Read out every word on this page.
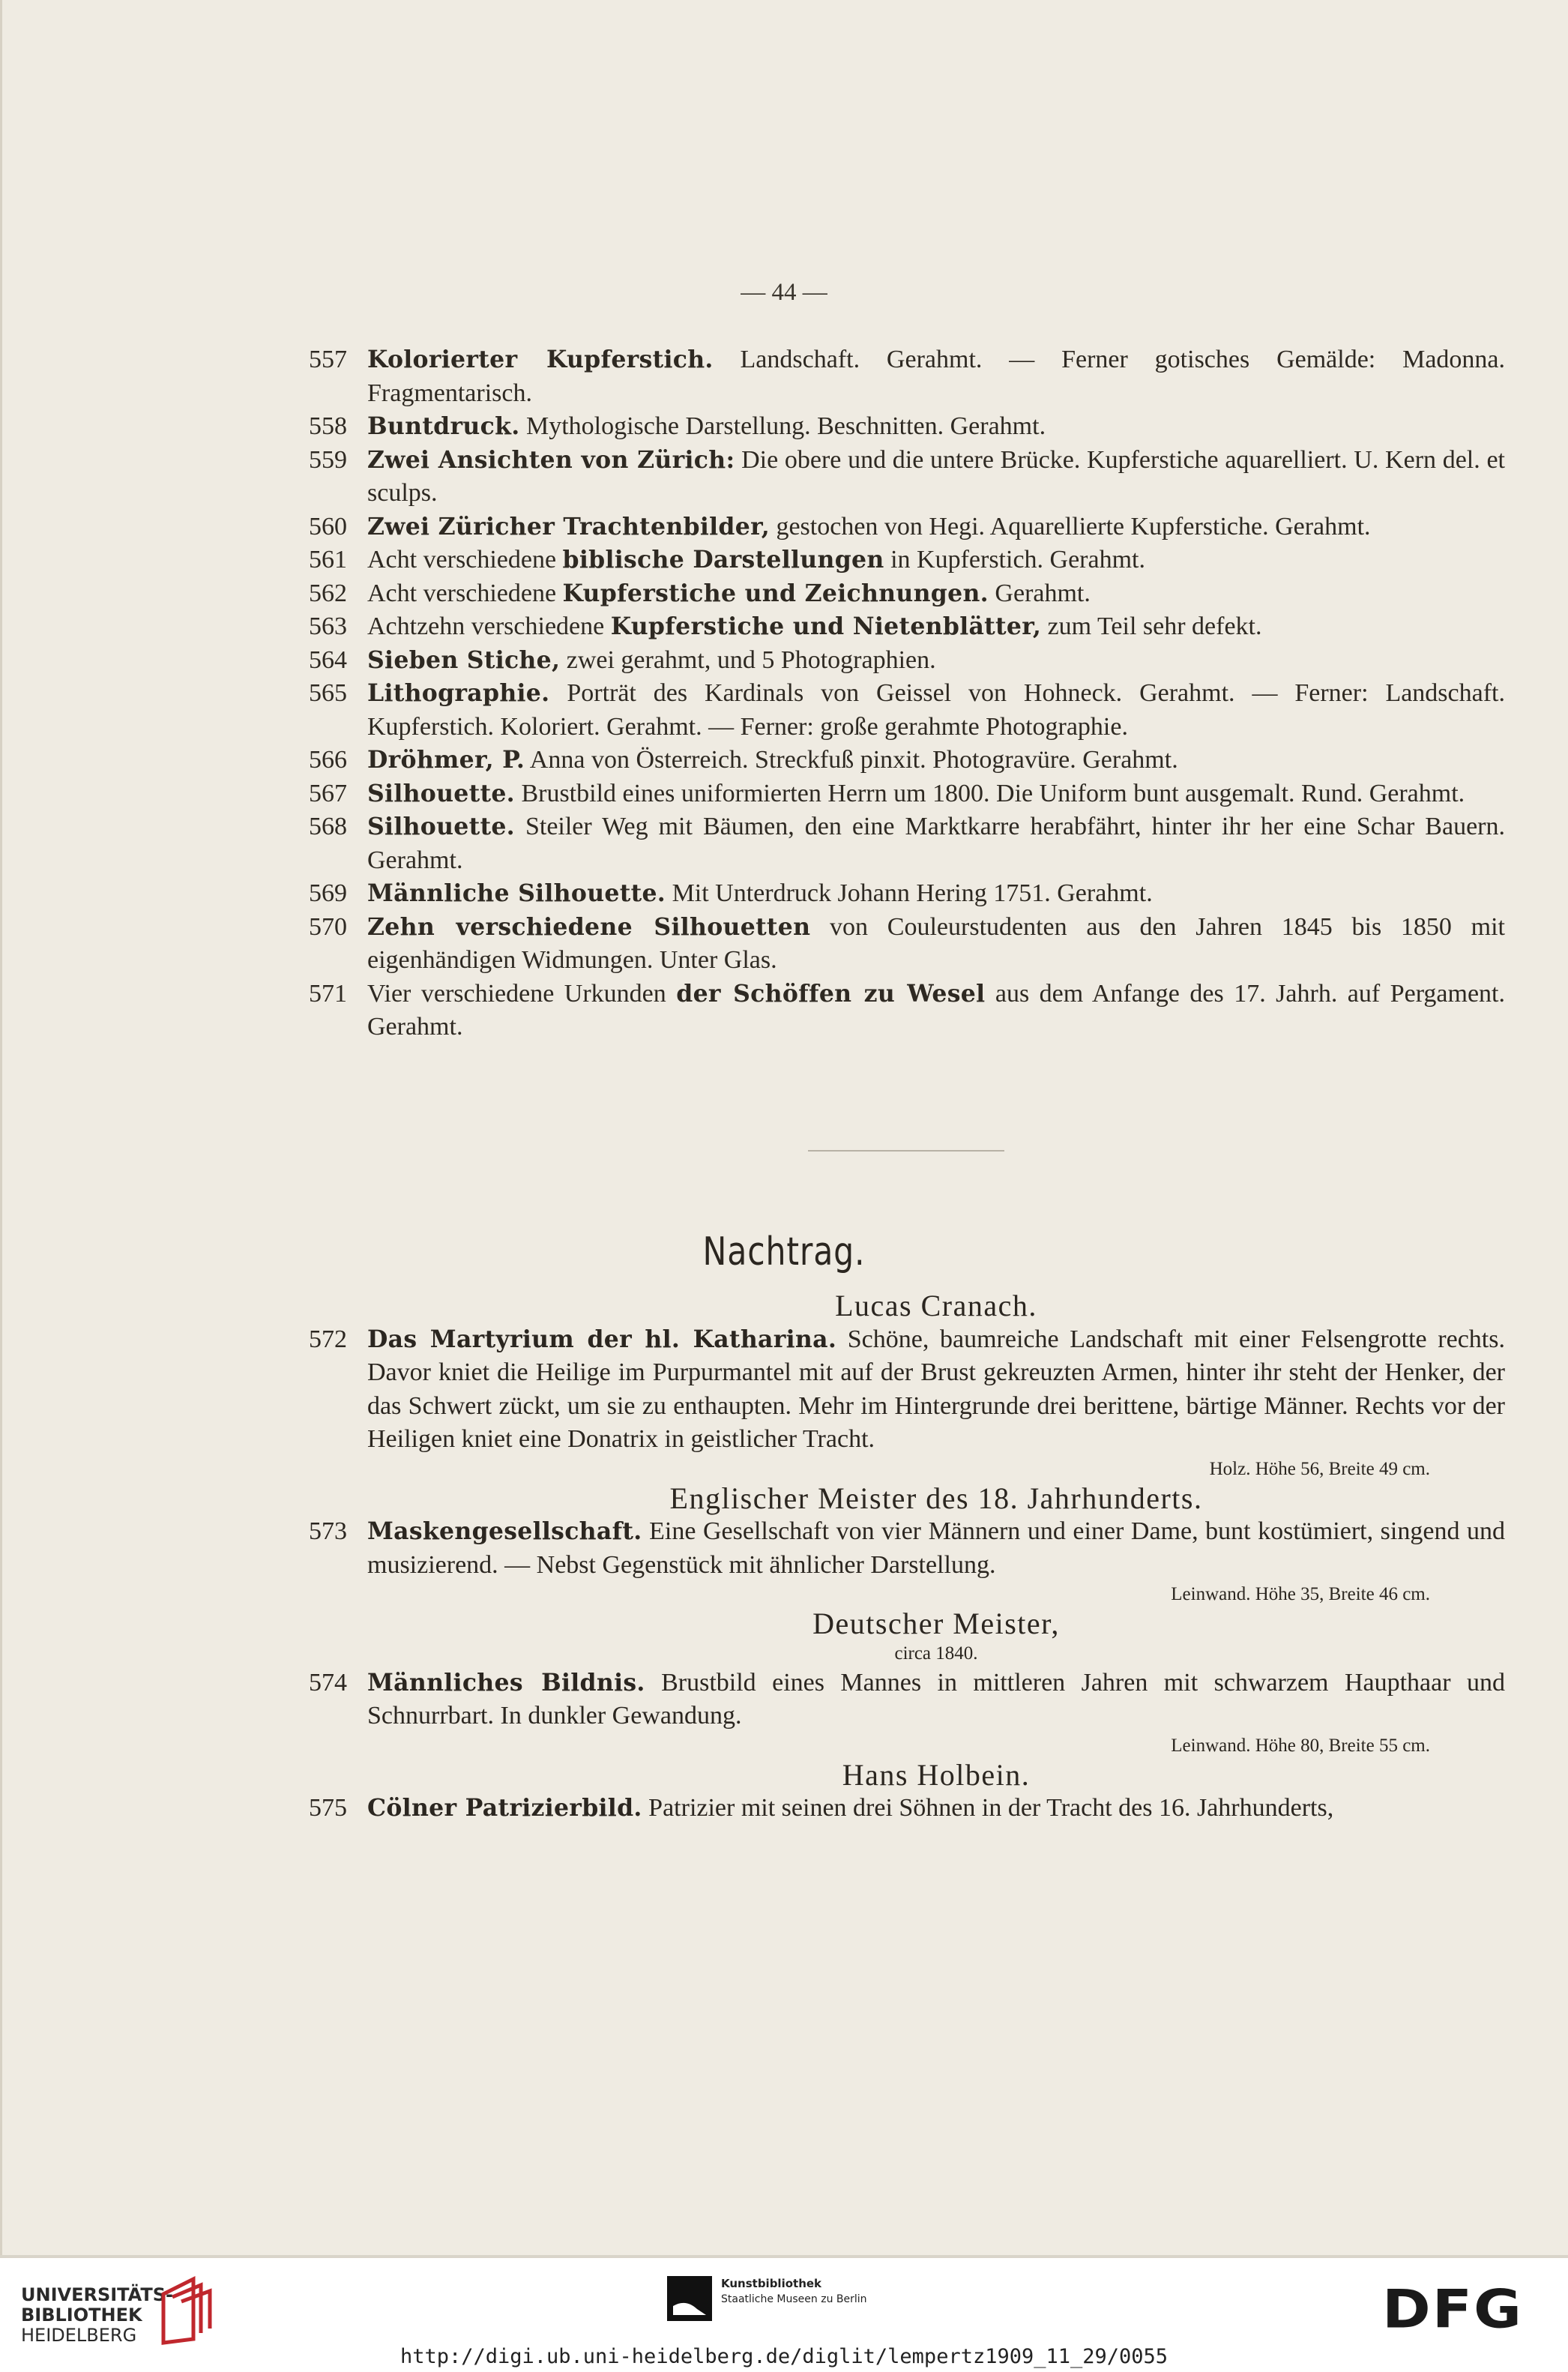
— 44 —
557 Kolorierter Kupferstich. Landschaft. Gerahmt. — Ferner gotisches Gemälde: Madonna. Fragmentarisch.
558 Buntdruck. Mythologische Darstellung. Beschnitten. Gerahmt.
559 Zwei Ansichten von Zürich: Die obere und die untere Brücke. Kupferstiche aquarelliert. U. Kern del. et sculps.
560 Zwei Züricher Trachtenbilder, gestochen von Hegi. Aquarellierte Kupferstiche. Gerahmt.
561 Acht verschiedene biblische Darstellungen in Kupferstich. Gerahmt.
562 Acht verschiedene Kupferstiche und Zeichnungen. Gerahmt.
563 Achtzehn verschiedene Kupferstiche und Nietenblätter, zum Teil sehr defekt.
564 Sieben Stiche, zwei gerahmt, und 5 Photographien.
565 Lithographie. Porträt des Kardinals von Geissel von Hohneck. Gerahmt. — Ferner: Landschaft. Kupferstich. Koloriert. Gerahmt. — Ferner: große gerahmte Photographie.
566 Dröhmer, P. Anna von Österreich. Streckfuß pinxit. Photogravüre. Gerahmt.
567 Silhouette. Brustbild eines uniformierten Herrn um 1800. Die Uniform bunt ausgemalt. Rund. Gerahmt.
568 Silhouette. Steiler Weg mit Bäumen, den eine Marktkarre herabfährt, hinter ihr her eine Schar Bauern. Gerahmt.
569 Männliche Silhouette. Mit Unterdruck Johann Hering 1751. Gerahmt.
570 Zehn verschiedene Silhouetten von Couleurstudenten aus den Jahren 1845 bis 1850 mit eigenhändigen Widmungen. Unter Glas.
571 Vier verschiedene Urkunden der Schöffen zu Wesel aus dem Anfange des 17. Jahrh. auf Pergament. Gerahmt.
Nachtrag.
Lucas Cranach.
572 Das Martyrium der hl. Katharina. Schöne, baumreiche Landschaft mit einer Felsengrotte rechts. Davor kniet die Heilige im Purpurmantel mit auf der Brust gekreuzten Armen, hinter ihr steht der Henker, der das Schwert zückt, um sie zu enthaupten. Mehr im Hintergrunde drei berittene, bärtige Männer. Rechts vor der Heiligen kniet eine Donatrix in geistlicher Tracht.
Holz. Höhe 56, Breite 49 cm.
Englischer Meister des 18. Jahrhunderts.
573 Maskengesellschaft. Eine Gesellschaft von vier Männern und einer Dame, bunt kostümiert, singend und musizierend. — Nebst Gegenstück mit ähnlicher Darstellung.
Leinwand. Höhe 35, Breite 46 cm.
Deutscher Meister,
circa 1840.
574 Männliches Bildnis. Brustbild eines Mannes in mittleren Jahren mit schwarzem Haupthaar und Schnurrbart. In dunkler Gewandung.
Leinwand. Höhe 80, Breite 55 cm.
Hans Holbein.
575 Cölner Patrizierbild. Patrizier mit seinen drei Söhnen in der Tracht des 16. Jahrhunderts,
UNIVERSITÄTS-
BIBLIOTHEK
HEIDELBERG
Kunstbibliothek
Staatliche Museen zu Berlin	DFG
http://digi.ub.uni-heidelberg.de/diglit/lempertz1909_11_29/0055
